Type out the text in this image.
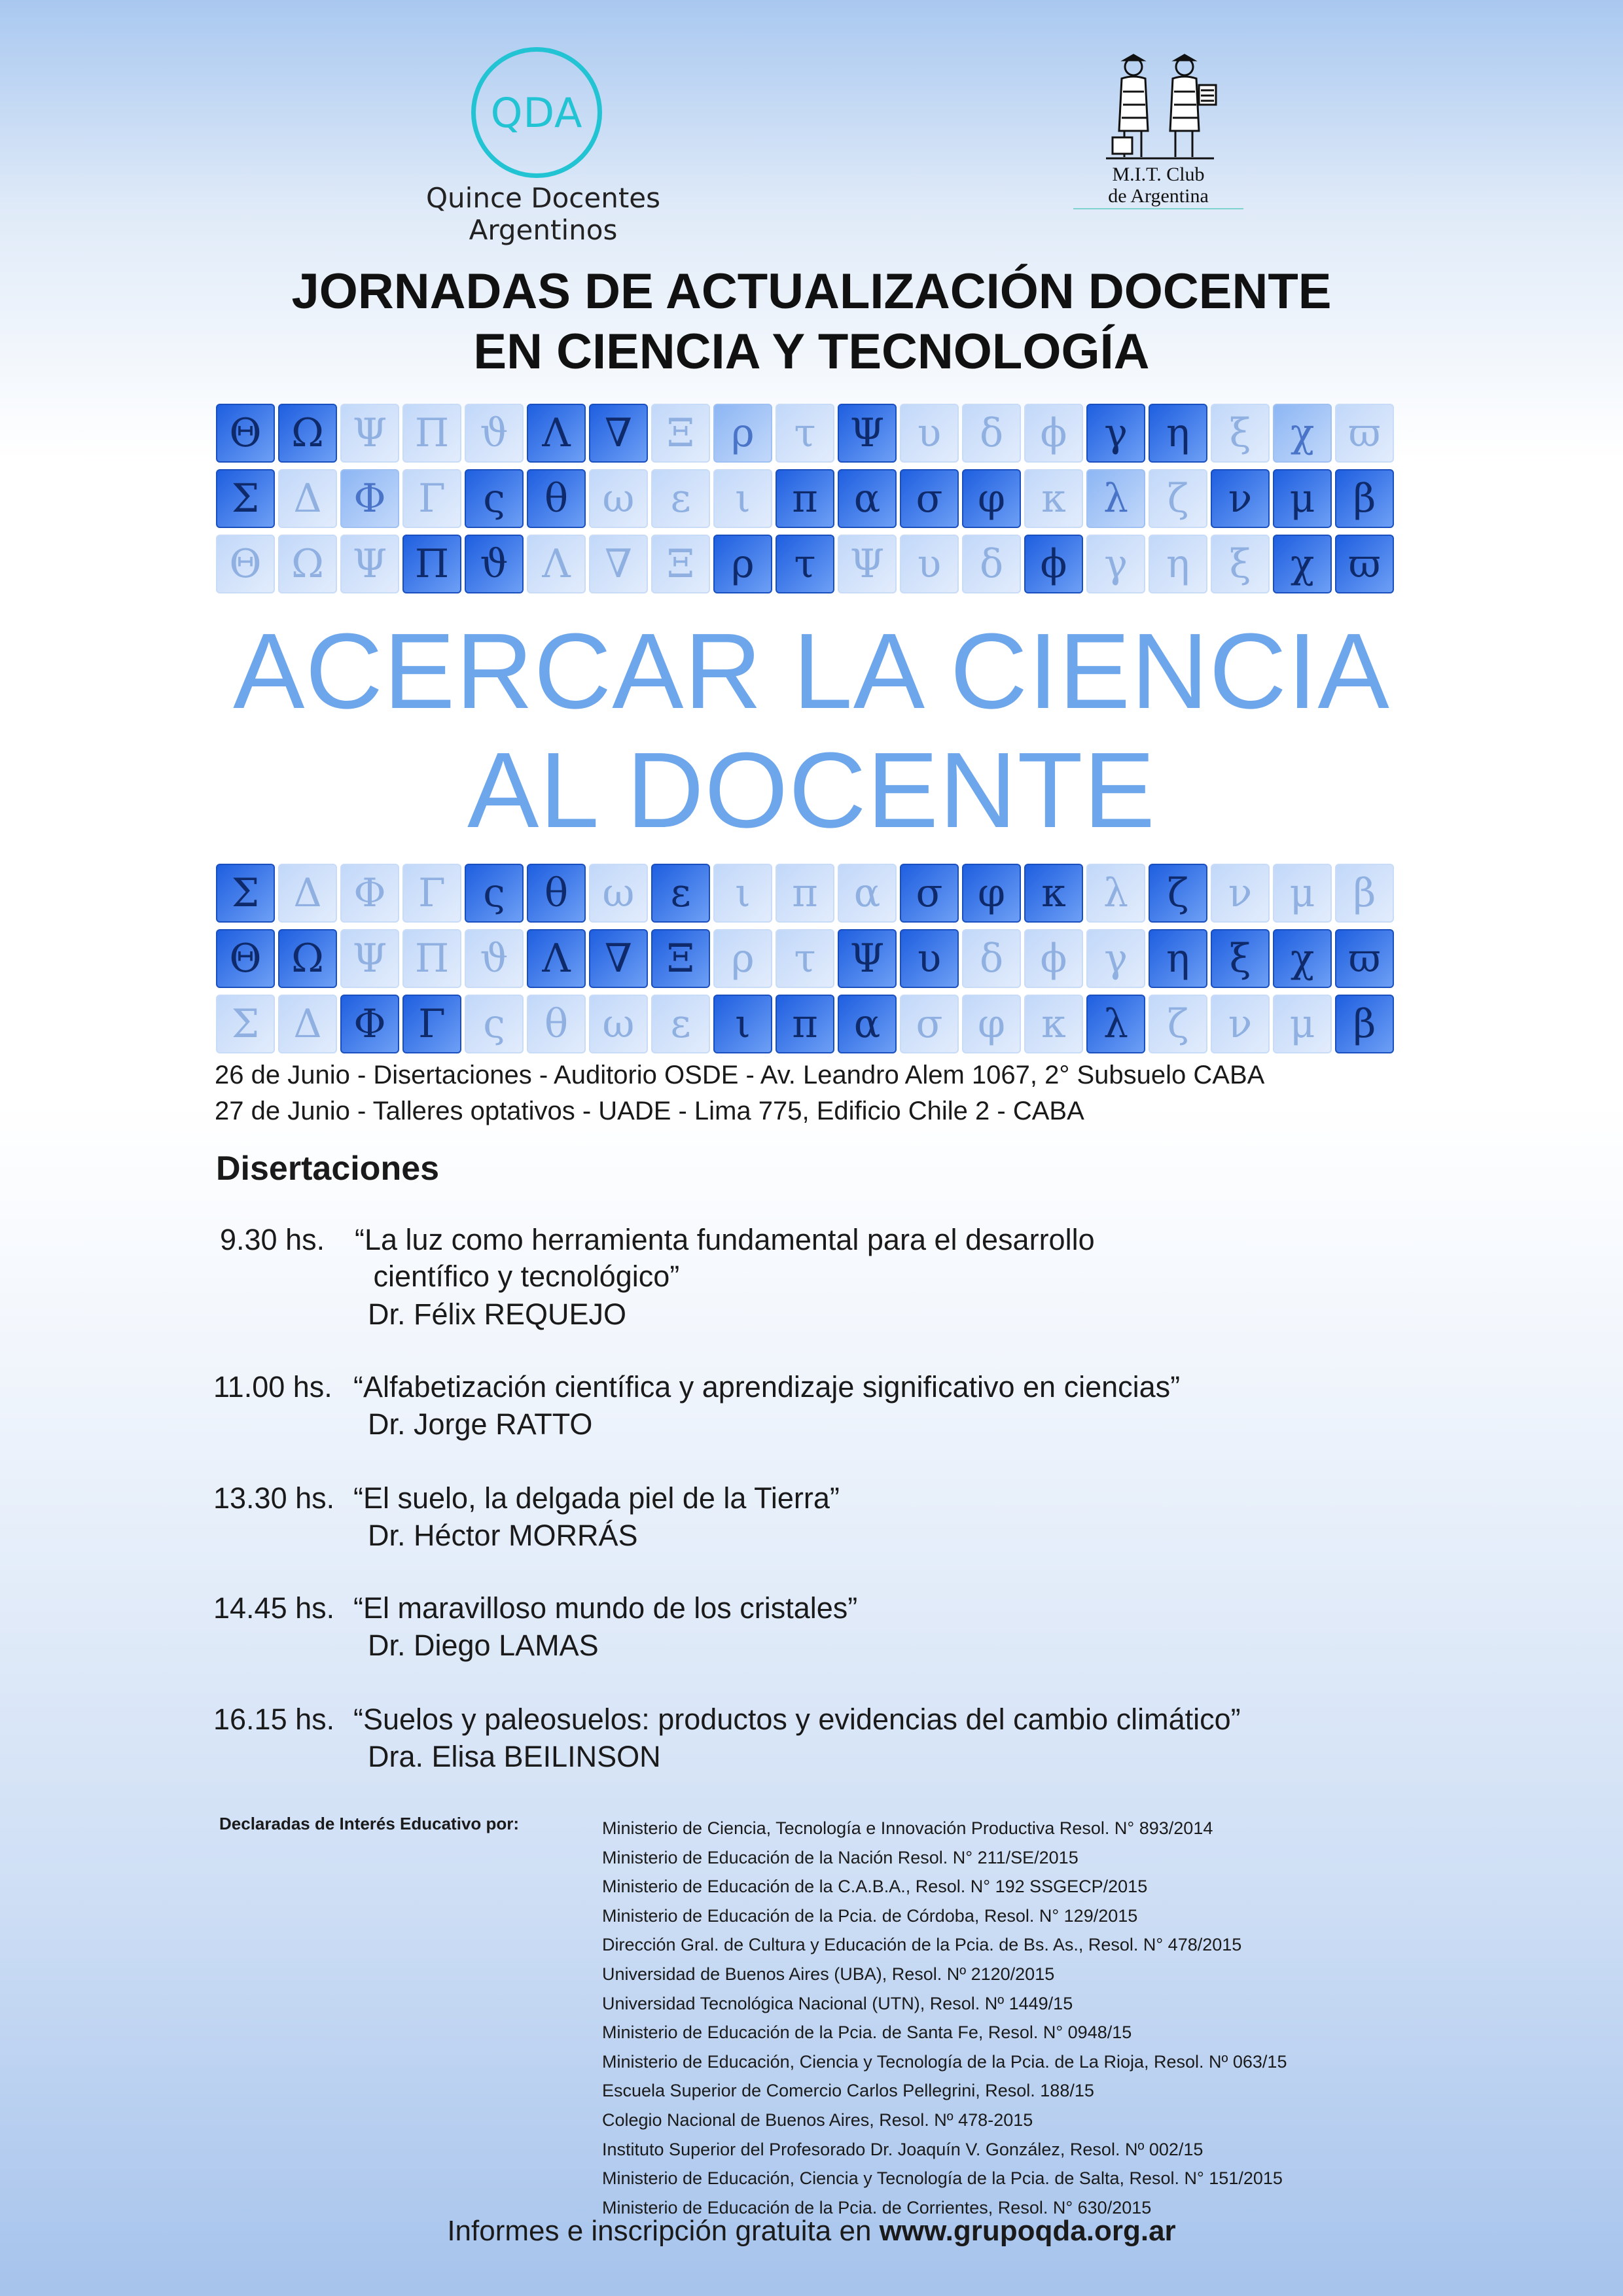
QDA
Quince Docentes Argentinos
M.I.T. Club

de Argentina
JORNADAS DE ACTUALIZACIÓN DOCENTE
EN CIENCIA Y TECNOLOGÍA
Θ Ω Ψ Π ϑ Λ ∇ Ξ ρ	τ Ψ υ δ ϕ γ η	ξ	χ ϖ
Σ Δ Φ Γ ς	θ ω ε	ι	π α σ φ κ λ ζ	ν μ β
Θ Ω Ψ Π ϑ Λ ∇ Ξ ρ	τ Ψ υ δ ϕ γ η	ξ	χ ϖ
ACERCAR LA CIENCIA
AL DOCENTE
Σ Δ Φ Γ ς	θ ω ε	ι	π α σ φ κ λ ζ	ν μ β
Θ Ω Ψ Π ϑ Λ ∇ Ξ ρ	τ Ψ υ δ ϕ γ η	ξ	χ ϖ
Σ Δ Φ Γ ς	θ ω ε	ι	π α σ φ κ λ ζ	ν μ β
26 de Junio - Disertaciones - Auditorio OSDE - Av. Leandro Alem 1067, 2° Subsuelo CABA
27 de Junio - Talleres optativos - UADE - Lima 775, Edificio Chile 2 - CABA
Disertaciones
9.30 hs. “La luz como herramienta fundamental para el desarrollo
científico y tecnológico”
Dr. Félix REQUEJO
11.00 hs. “Alfabetización científica y aprendizaje significativo en ciencias”
Dr. Jorge RATTO
13.30 hs. “El suelo, la delgada piel de la Tierra”
Dr. Héctor MORRÁS
14.45 hs. “El maravilloso mundo de los cristales”
Dr. Diego LAMAS
16.15 hs. “Suelos y paleosuelos: productos y evidencias del cambio climático”
Dra. Elisa BEILINSON
Declaradas de Interés Educativo por:	Ministerio de Ciencia, Tecnología e Innovación Productiva Resol. N° 893/2014
Ministerio de Educación de la Nación Resol. N° 211/SE/2015
Ministerio de Educación de la C.A.B.A., Resol. N° 192 SSGECP/2015
Ministerio de Educación de la Pcia. de Córdoba, Resol. N° 129/2015
Dirección Gral. de Cultura y Educación de la Pcia. de Bs. As., Resol. N° 478/2015
Universidad de Buenos Aires (UBA), Resol. Nº 2120/2015
Universidad Tecnológica Nacional (UTN), Resol. Nº 1449/15
Ministerio de Educación de la Pcia. de Santa Fe, Resol. N° 0948/15
Ministerio de Educación, Ciencia y Tecnología de la Pcia. de La Rioja, Resol. Nº 063/15
Escuela Superior de Comercio Carlos Pellegrini, Resol. 188/15
Colegio Nacional de Buenos Aires, Resol. Nº 478-2015
Instituto Superior del Profesorado Dr. Joaquín V. González, Resol. Nº 002/15
Ministerio de Educación, Ciencia y Tecnología de la Pcia. de Salta, Resol. N° 151/2015
Ministerio de Educación de la Pcia. de Corrientes, Resol. N° 630/2015
Informes e inscripción gratuita en www.grupoqda.org.ar
